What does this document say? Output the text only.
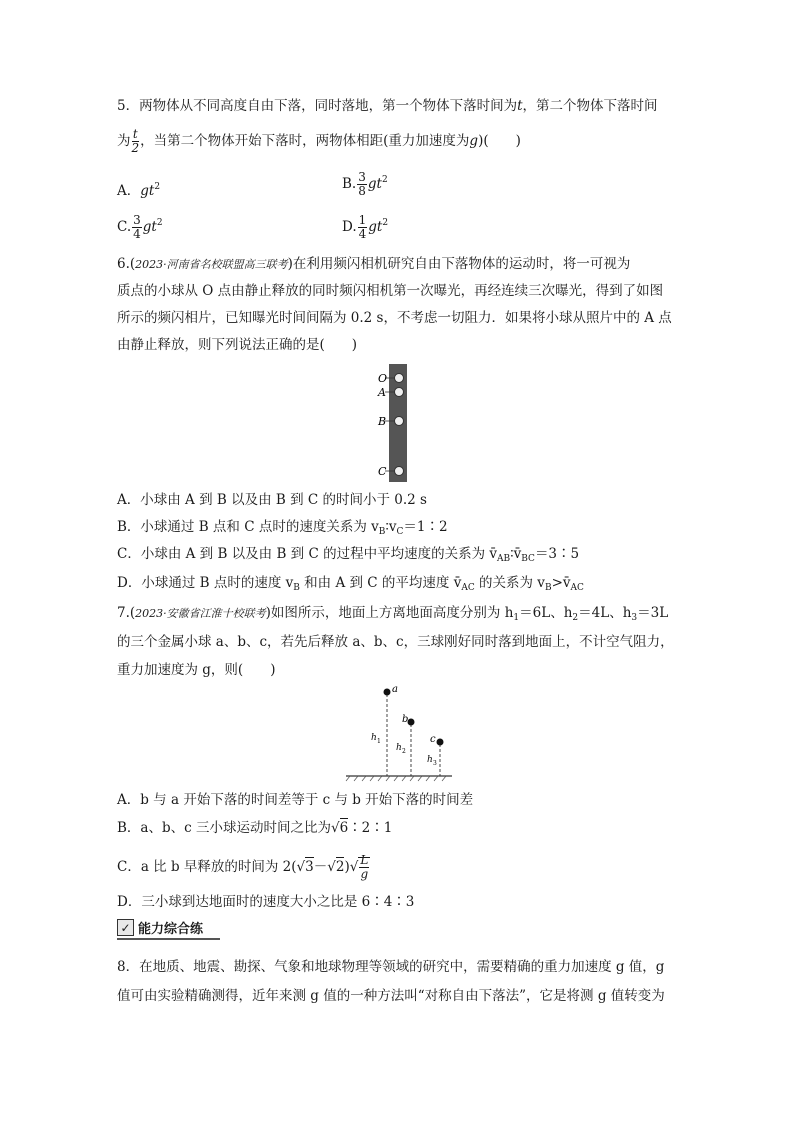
5．两物体从不同高度自由下落，同时落地，第一个物体下落时间为t，第二个物体下落时间
为 $\frac{t}{2}$ ，当第二个物体开始下落时，两物体相距(重力加速度为g)(　　)
A．$gt^2$	B. $\frac{3}{8} gt^2$
C. $\frac{3}{4} gt^2$	D. $\frac{1}{4} gt^2$
6.(2023·河南省名校联盟高三联考)在利用频闪相机研究自由下落物体的运动时，将一可视为
质点的小球从 O 点由静止释放的同时频闪相机第一次曝光，再经连续三次曝光，得到了如图
所示的频闪相片，已知曝光时间间隔为 0.2 s，不考虑一切阻力．如果将小球从照片中的 A 点
由静止释放，则下列说法正确的是(　　)
O
A
B
C
A．小球由 A 到 B 以及由 B 到 C 的时间小于 0.2 s
B．小球通过 B 点和 C 点时的速度关系为 $v_B∶v_C=1∶2$
C．小球由 A 到 B 以及由 B 到 C 的过程中平均速度的关系为 $v̄_{AB}∶v̄_{BC}=3∶5$
D．小球通过 B 点时的速度 $v_B$ 和由 A 到 C 的平均速度 $v̄_{AC}$ 的关系为 $v_B>v̄_{AC}$
7.(2023·安徽省江淮十校联考)如图所示，地面上方离地面高度分别为 $h_1=6L$、$h_2=4L$、$h_3=3L$
的三个金属小球 a、b、c，若先后释放 a、b、c，三球刚好同时落到地面上，不计空气阻力，
重力加速度为 g，则(　　)
a
b
c
h 1
h 2
h 3
A．b 与 a 开始下落的时间差等于 c 与 b 开始下落的时间差
B．a、b、c 三小球运动时间之比为√6∶2∶1
C．a 比 b 早释放的时间为 $2(√3-√2)√ \frac{L}{g}$
D．三小球到达地面时的速度大小之比是 6∶4∶3
✓ 能力综合练
8．在地质、地震、勘探、气象和地球物理等领域的研究中，需要精确的重力加速度 g 值，g
值可由实验精确测得，近年来测 g 值的一种方法叫“对称自由下落法”，它是将测 g 值转变为
